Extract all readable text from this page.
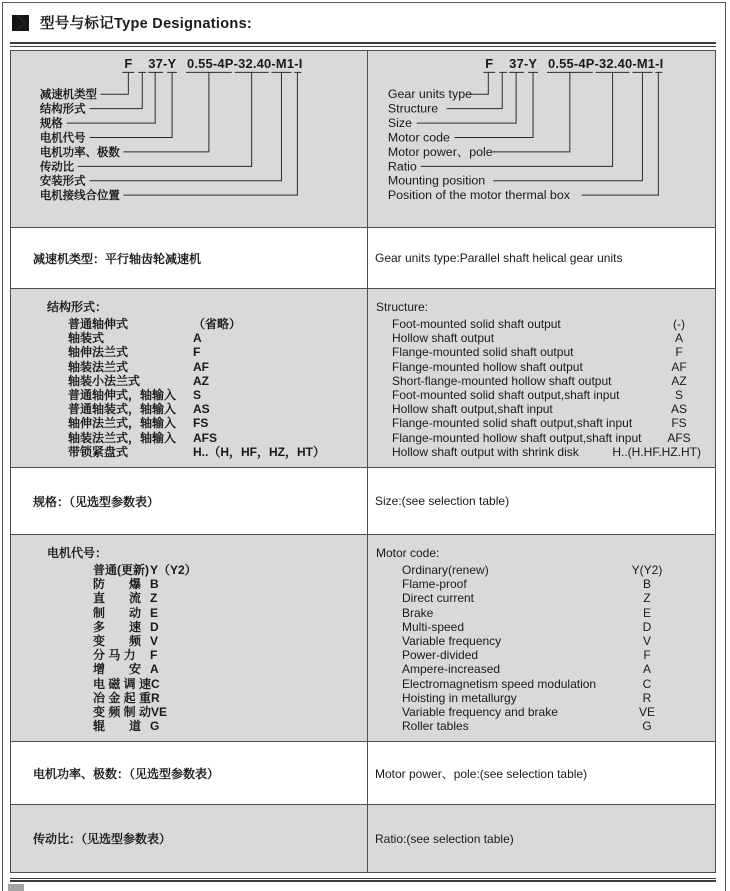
型号与标记Type Designations:
F 37-Y 0.55-4P-32.40-M1-I
减速机类型
结构形式
规格
电机代号
电机功率、极数
传动比
安装形式
电机接线合位置
F 37-Y 0.55-4P-32.40-M1-I
Gear units type
Structure
Size
Motor code
Motor power、pole
Ratio
Mounting position
Position of the motor thermal box
减速机类型：平行轴齿轮减速机	Gear units type:Parallel shaft helical gear units
结构形式：
普通轴伸式	（省略）
轴装式	A
轴伸法兰式	F
轴装法兰式	AF
轴装小法兰式	AZ
普通轴伸式，轴输入	S
普通轴装式，轴输入	AS
轴伸法兰式，轴输入	FS
轴装法兰式，轴输入	AFS
带锁紧盘式	H..（H，HF，HZ，HT）
Structure:
Foot-mounted solid shaft output	(-)
Hollow shaft output	A
Flange-mounted solid shaft output	F
Flange-mounted hollow shaft output	AF
Short-flange-mounted hollow shaft output	AZ
Foot-mounted solid shaft output,shaft input	S
Hollow shaft output,shaft input	AS
Flange-mounted solid shaft output,shaft input	FS
Flange-mounted hollow shaft output,shaft input	AFS
Hollow shaft output with shrink disk	H..(H.HF.HZ.HT)
规格：（见选型参数表）	Size:(see selection table)
电机代号：
普通(更新) Y（Y2）
防　　爆 B
直　　流 Z
制　　动 E
多　　速 D
变　　频 V
分 马 力	F
增　　安 A
电 磁 调 速 C
冶 金 起 重 R
变 频 制 动 VE
辊　　道 G
Motor code:
Ordinary(renew)	Y(Y2)
Flame-proof	B
Direct current	Z
Brake	E
Multi-speed	D
Variable frequency	V
Power-divided	F
Ampere-increased	A
Electromagnetism speed modulation	C
Hoisting in metallurgy	R
Variable frequency and brake	VE
Roller tables	G
电机功率、极数：（见选型参数表）	Motor power、pole:(see selection table)
传动比：（见选型参数表）	Ratio:(see selection table)
